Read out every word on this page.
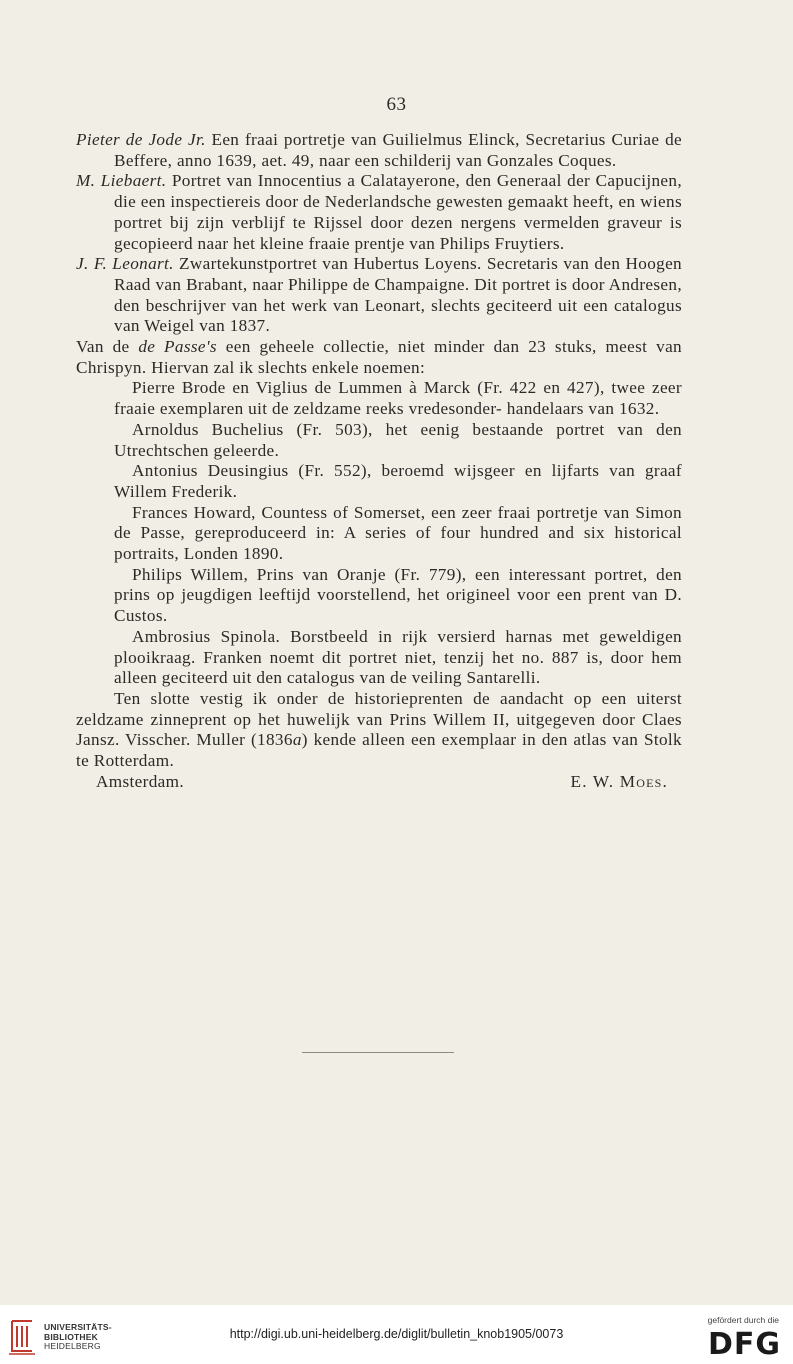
63

Pieter de Jode Jr. Een fraai portretje van Guilielmus Elinck, Secretarius Curiae de Beffere, anno 1639, aet. 49, naar een schilderij van Gonzales Coques.

M. Liebaert. Portret van Innocentius a Calatayerone, den Generaal der Capucijnen, die een inspectiereis door de Nederlandsche gewesten gemaakt heeft, en wiens portret bij zijn verblijf te Rijssel door dezen nergens vermelden graveur is gecopieerd naar het kleine fraaie prentje van Philips Fruytiers.

J. F. Leonart. Zwartekunstportret van Hubertus Loyens. Secretaris van den Hoogen Raad van Brabant, naar Philippe de Champaigne. Dit portret is door Andresen, den beschrijver van het werk van Leonart, slechts geciteerd uit een catalogus van Weigel van 1837.

Van de de Passe's een geheele collectie, niet minder dan 23 stuks, meest van Chrispyn. Hiervan zal ik slechts enkele noemen:

Pierre Brode en Viglius de Lummen à Marck (Fr. 422 en 427), twee zeer fraaie exemplaren uit de zeldzame reeks vredesonder- handelaars van 1632.

Arnoldus Buchelius (Fr. 503), het eenig bestaande portret van den Utrechtschen geleerde.

Antonius Deusingius (Fr. 552), beroemd wijsgeer en lijfarts van graaf Willem Frederik.

Frances Howard, Countess of Somerset, een zeer fraai portretje van Simon de Passe, gereproduceerd in: A series of four hundred and six historical portraits, Londen 1890.

Philips Willem, Prins van Oranje (Fr. 779), een interessant portret, den prins op jeugdigen leeftijd voorstellend, het origineel voor een prent van D. Custos.

Ambrosius Spinola. Borstbeeld in rijk versierd harnas met geweldigen plooikraag. Franken noemt dit portret niet, tenzij het no. 887 is, door hem alleen geciteerd uit den catalogus van de veiling Santarelli.

Ten slotte vestig ik onder de historieprenten de aandacht op een uiterst zeldzame zinneprent op het huwelijk van Prins Willem II, uitgegeven door Claes Jansz. Visscher. Muller (1836a) kende alleen een exemplaar in den atlas van Stolk te Rotterdam.

Amsterdam.	E. W. Moes.
UNIVERSITÄTS-
BIBLIOTHEK
HEIDELBERG
http://digi.ub.uni-heidelberg.de/diglit/bulletin_knob1905/0073
gefördert durch die
DFG
